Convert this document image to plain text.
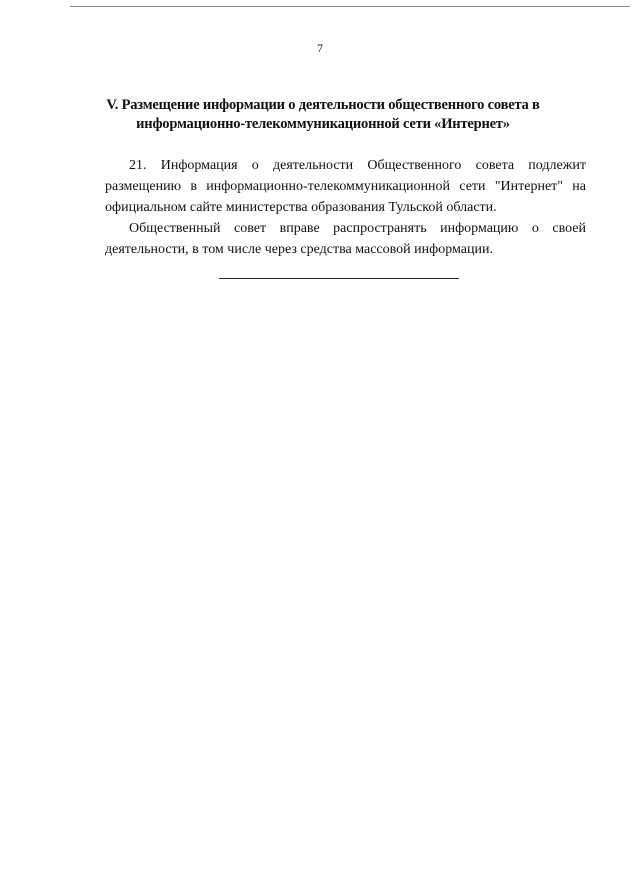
7
V. Размещение информации о деятельности общественного совета в
информационно-телекоммуникационной сети «Интернет»
21. Информация о деятельности Общественного совета подлежит
размещению в информационно-телекоммуникационной сети "Интернет" на
официальном сайте министерства образования Тульской области.
Общественный совет вправе распространять информацию о своей
деятельности, в том числе через средства массовой информации.
